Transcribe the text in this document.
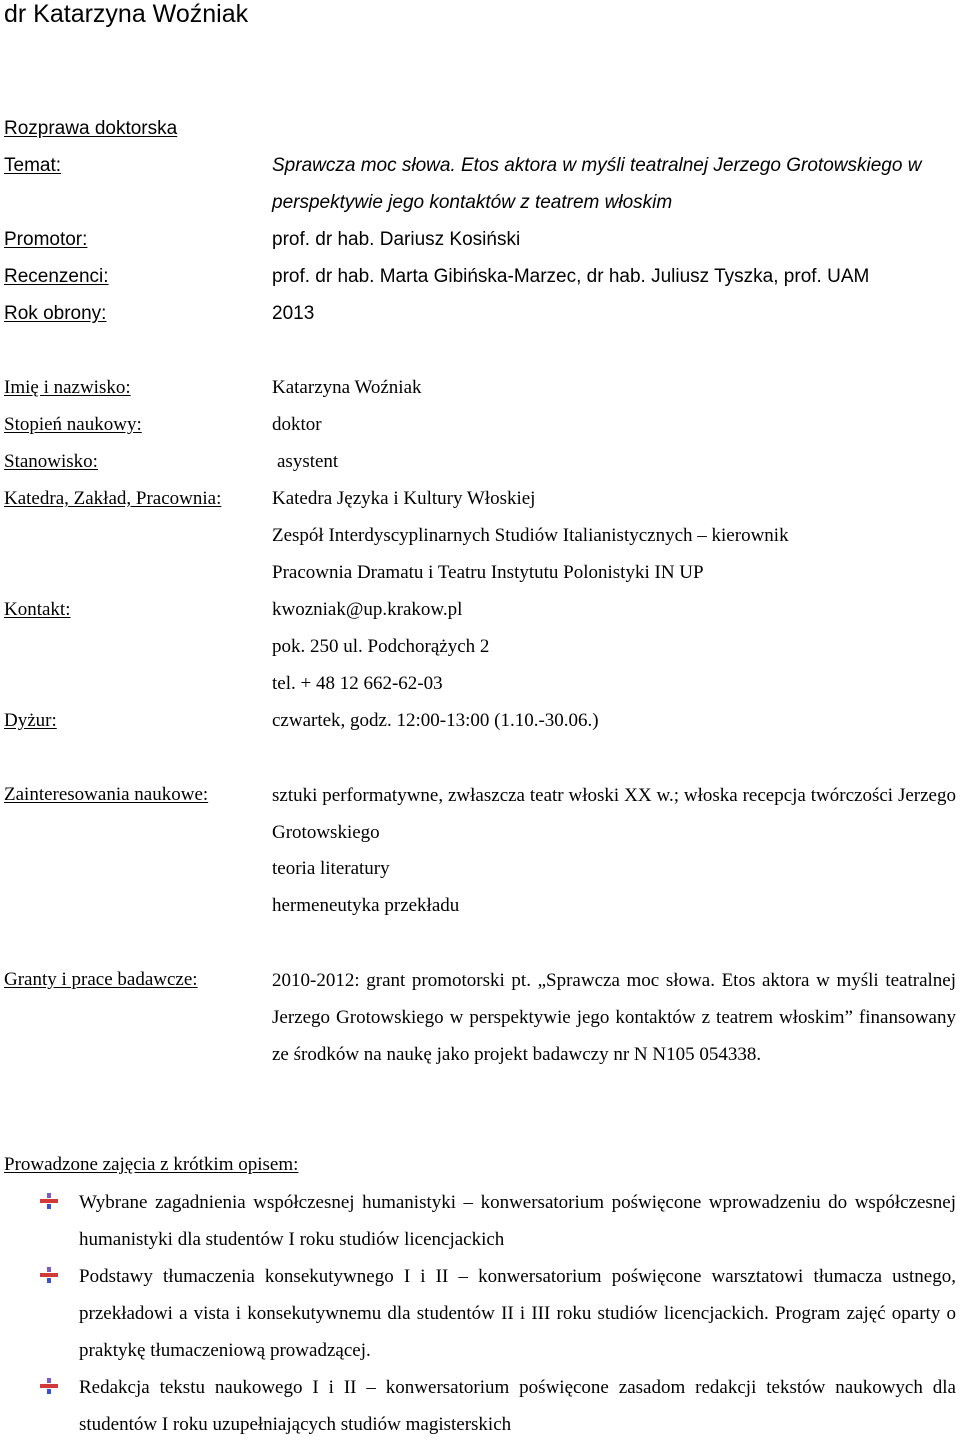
dr Katarzyna Woźniak
Rozprawa doktorska
Temat:	Sprawcza moc słowa. Etos aktora w myśli teatralnej Jerzego Grotowskiego w
perspektywie jego kontaktów z teatrem włoskim
Promotor:	prof. dr hab. Dariusz Kosiński
Recenzenci:	prof. dr hab. Marta Gibińska-Marzec, dr hab. Juliusz Tyszka, prof. UAM
Rok obrony:	2013
Imię i nazwisko:	Katarzyna Woźniak
Stopień naukowy:	doktor
Stanowisko:	asystent
Katedra, Zakład, Pracownia:	Katedra Języka i Kultury Włoskiej
Zespół Interdyscyplinarnych Studiów Italianistycznych – kierownik
Pracownia Dramatu i Teatru Instytutu Polonistyki IN UP
Kontakt:	kwozniak@up.krakow.pl
pok. 250 ul. Podchorążych 2
tel. + 48 12 662-62-03
Dyżur:	czwartek, godz. 12:00-13:00 (1.10.-30.06.)
Zainteresowania naukowe:	sztuki performatywne, zwłaszcza teatr włoski XX w.; włoska recepcja twórczości Jerzego Grotowskiego
teoria literatury
hermeneutyka przekładu
Granty i prace badawcze:	2010-2012: grant promotorski pt. „Sprawcza moc słowa. Etos aktora w myśli teatralnej Jerzego Grotowskiego w perspektywie jego kontaktów z teatrem włoskim” finansowany ze środków na naukę jako projekt badawczy nr N N105 054338.
Prowadzone zajęcia z krótkim opisem:
Wybrane zagadnienia współczesnej humanistyki – konwersatorium poświęcone wprowadzeniu do współczesnej humanistyki dla studentów I roku studiów licencjackich
Podstawy tłumaczenia konsekutywnego I i II – konwersatorium poświęcone warsztatowi tłumacza ustnego, przekładowi a vista i konsekutywnemu dla studentów II i III roku studiów licencjackich. Program zajęć oparty o praktykę tłumaczeniową prowadzącej.
Redakcja tekstu naukowego I i II – konwersatorium poświęcone zasadom redakcji tekstów naukowych dla studentów I roku uzupełniających studiów magisterskich
